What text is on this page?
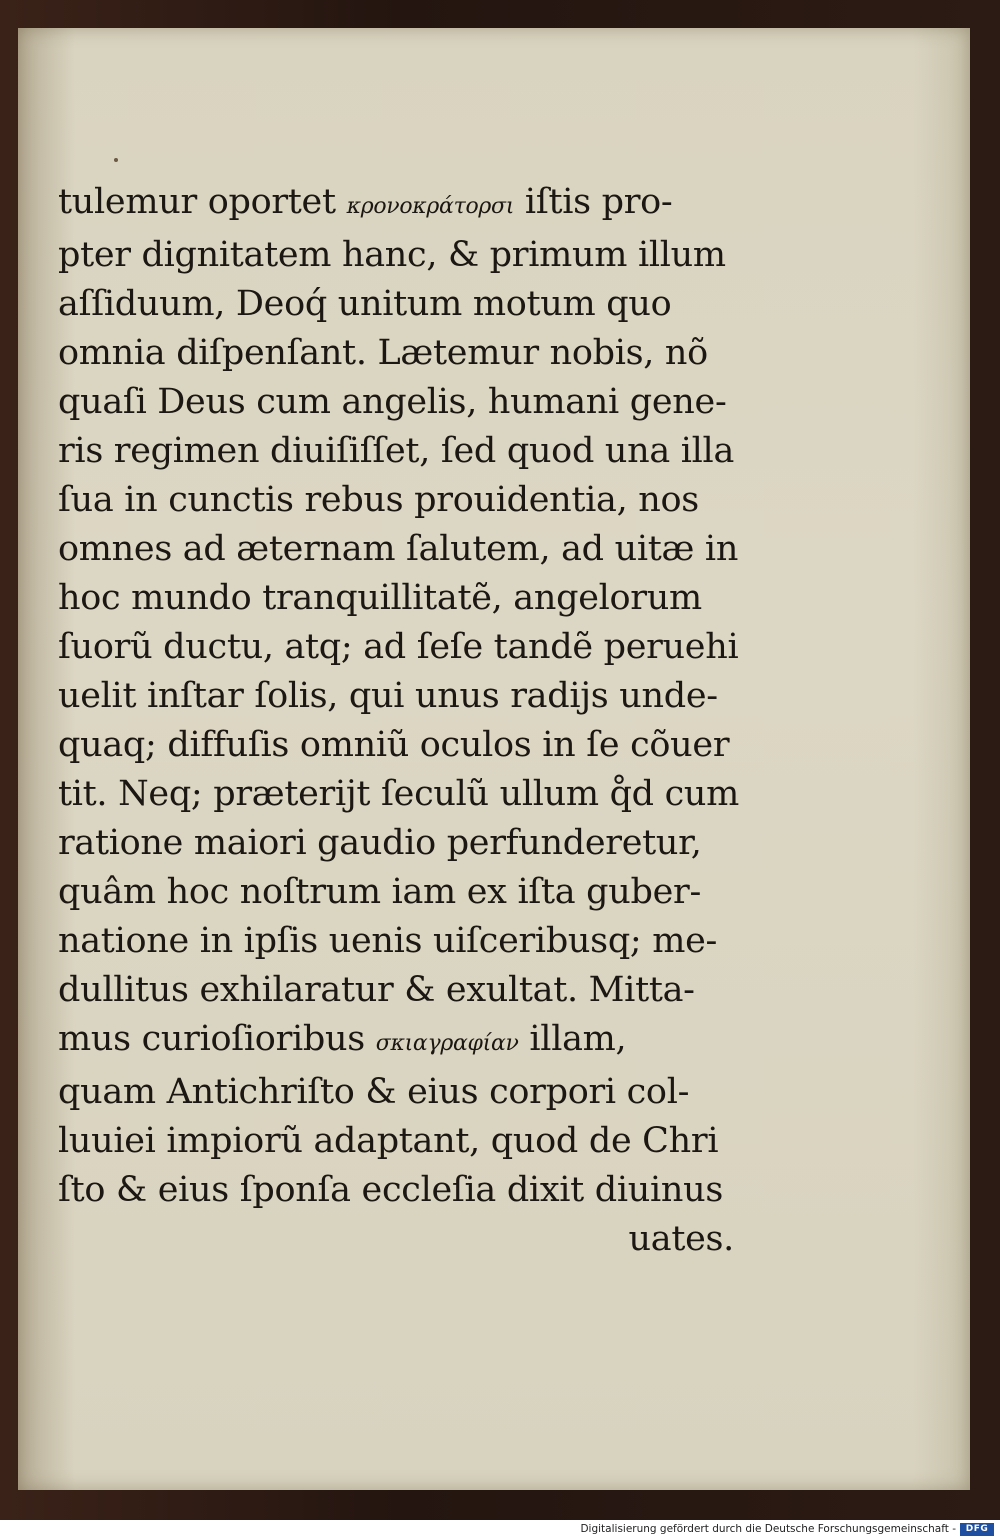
tulemur oportet κρονοκράτορσι iſtis pro-
pter dignitatem hanc, & primum illum
aſſiduum, Deoq́ unitum motum quo
omnia diſpenſant. Lætemur nobis, nõ
quaſi Deus cum angelis, humani gene-
ris regimen diuiſiſſet, ſed quod una illa
ſua in cunctis rebus prouidentia, nos
omnes ad æternam ſalutem, ad uitæ in
hoc mundo tranquillitatẽ, angelorum
ſuorũ ductu, atq; ad ſeſe tandẽ peruehi
uelit inſtar ſolis, qui unus radijs unde-
quaq; diffuſis omniũ oculos in ſe cõuer
tit. Neq; præterijt ſeculũ ullum q̊d cum
ratione maiori gaudio perfunderetur,
quâm hoc noſtrum iam ex iſta guber-
natione in ipſis uenis uiſceribusq; me-
dullitus exhilaratur & exultat. Mitta-
mus curioſioribus σκιαγραφίαν illam,
quam Antichriſto & eius corpori col-
luuiei impiorũ adaptant, quod de Chri
ſto & eius ſponſa eccleſia dixit diuinus
uates.
Digitalisierung gefördert durch die Deutsche Forschungsgemeinschaft -	DFG
